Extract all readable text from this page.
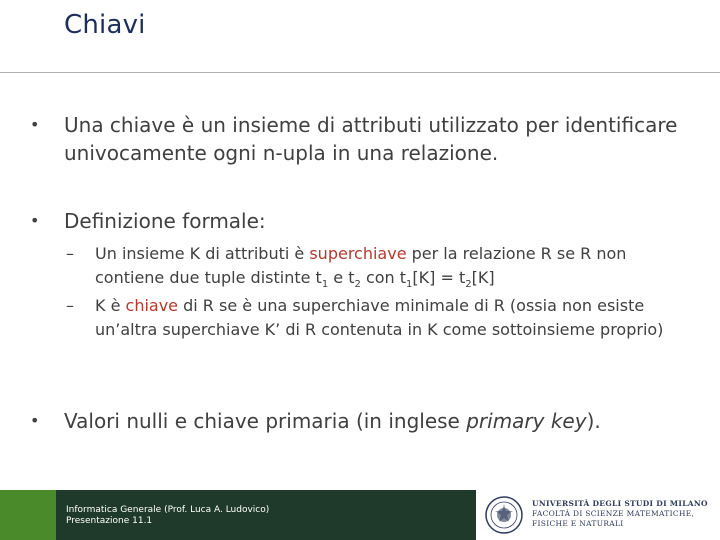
Chiavi
• Una chiave è un insieme di attributi utilizzato per identificare univocamente ogni n-upla in una relazione.
• Definizione formale:
– Un insieme K di attributi è superchiave per la relazione R se R non contiene due tuple distinte $t_1$ e $t_2$ con $t_1[K] = t_2[K]$
– K è chiave di R se è una superchiave minimale di R (ossia non esiste un’altra superchiave K’ di R contenuta in K come sottoinsieme proprio)
• Valori nulli e chiave primaria (in inglese primary key).
Informatica Generale (Prof. Luca A. Ludovico)
Presentazione 11.1
UNIVERSITÀ DEGLI STUDI DI MILANO
FACOLTÀ DI SCIENZE MATEMATICHE,
FISICHE E NATURALI
